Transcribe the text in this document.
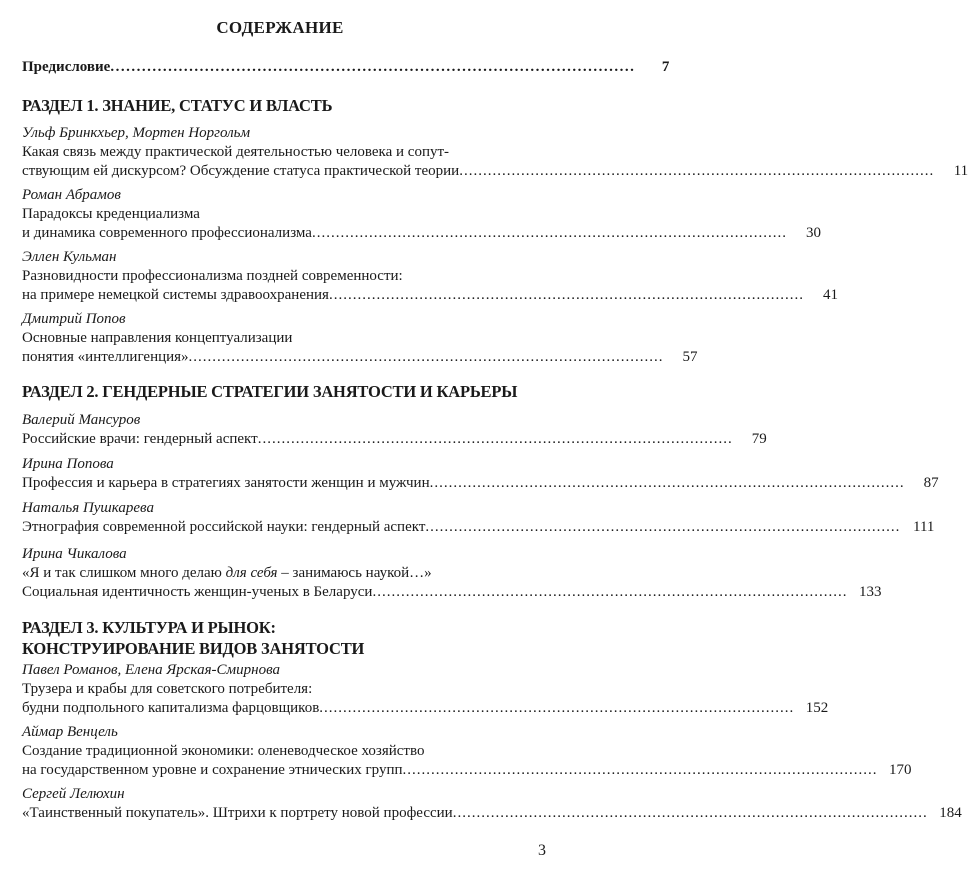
СОДЕРЖАНИЕ
Предисловие ....................................................................................................	7
РАЗДЕЛ 1. ЗНАНИЕ, СТАТУС И ВЛАСТЬ
Ульф Бринкхьер, Мортен Норгольм
Какая связь между практической деятельностью человека и сопут-
ствующим ей дискурсом? Обсуждение статуса практической теории ....................................................................................................	11
Роман Абрамов
Парадоксы креденциализма
и динамика современного профессионализма ....................................................................................................	30
Эллен Кульман
Разновидности профессионализма поздней современности:
на примере немецкой системы здравоохранения ....................................................................................................	41
Дмитрий Попов
Основные направления концептуализации
понятия «интеллигенция» ....................................................................................................	57
РАЗДЕЛ 2. ГЕНДЕРНЫЕ СТРАТЕГИИ ЗАНЯТОСТИ И КАРЬЕРЫ
Валерий Мансуров
Российские врачи: гендерный аспект ....................................................................................................	79
Ирина Попова
Профессия и карьера в стратегиях занятости женщин и мужчин ....................................................................................................	87
Наталья Пушкарева
Этнография современной российской науки: гендерный аспект .................................................................................................... 111
Ирина Чикалова
«Я и так слишком много делаю для себя – занимаюсь наукой…»
Социальная идентичность женщин-ученых в Беларуси .................................................................................................... 133
РАЗДЕЛ 3. КУЛЬТУРА И РЫНОК:
КОНСТРУИРОВАНИЕ ВИДОВ ЗАНЯТОСТИ
Павел Романов, Елена Ярская-Смирнова
Трузера и крабы для советского потребителя:
будни подпольного капитализма фарцовщиков .................................................................................................... 152
Аймар Венцель
Создание традиционной экономики: оленеводческое хозяйство
на государственном уровне и сохранение этнических групп .................................................................................................... 170
Сергей Лелюхин
«Таинственный покупатель». Штрихи к портрету новой профессии .................................................................................................... 184
3
